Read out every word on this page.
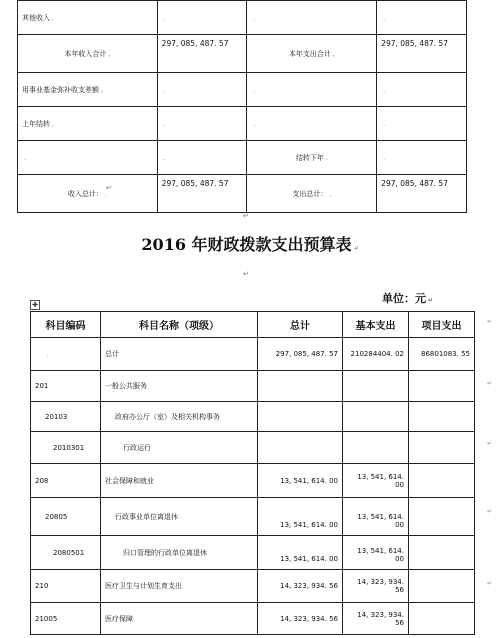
其他收入 ,	.	.	.
本年收入合计 ,	297, 085, 487. 57	本年支出合计 ,	297, 085, 487. 57
用事业基金弥补收支差额 ,	.	.	.
上年结转 ,	.	.	.
.	.	结转下年 .	.
收入总计： .	297, 085, 487. 57	支出总计： .	297, 085, 487. 57
↵
↵
2016 年财政拨款支出预算表 ↵
↵
单位：元 ↵
✚
科目编码	科目名称（项级）	总计	基本支出	项目支出
.	总计	297, 085, 487. 57	210284404. 02	86801083. 55
201	一般公共服务			
20103	政府办公厅（室）及相关机构事务			
2010301	行政运行			
208	社会保障和就业	13, 541, 614. 00	13, 541, 614. 00	
20805	行政事业单位离退休	13, 541, 614. 00	13, 541, 614. 00	
2080501	归口管理的行政单位离退休	13, 541, 614. 00	13, 541, 614. 00	
210	医疗卫生与计划生育支出	14, 323, 934. 56	14, 323, 934. 56	
21005	医疗保障	14, 323, 934. 56	14, 323, 934. 56	
↵
↵
↵
↵
↵
